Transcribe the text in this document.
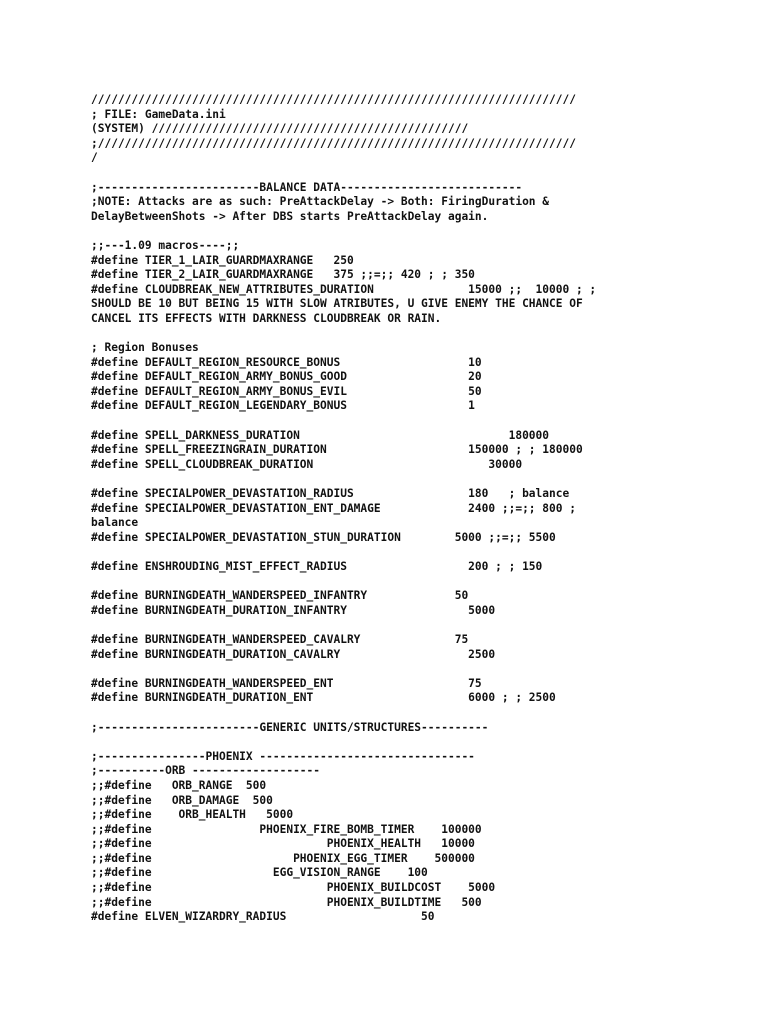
////////////////////////////////////////////////////////////////////////
; FILE: GameData.ini
(SYSTEM) ///////////////////////////////////////////////
;///////////////////////////////////////////////////////////////////////
/
;------------------------BALANCE DATA---------------------------
;NOTE: Attacks are as such: PreAttackDelay -> Both: FiringDuration &
DelayBetweenShots -> After DBS starts PreAttackDelay again.
;;---1.09 macros----;;
#define TIER_1_LAIR_GUARDMAXRANGE   250
#define TIER_2_LAIR_GUARDMAXRANGE   375 ;;=;; 420 ; ; 350
#define CLOUDBREAK_NEW_ATTRIBUTES_DURATION              15000 ;;  10000 ; ;
SHOULD BE 10 BUT BEING 15 WITH SLOW ATRIBUTES, U GIVE ENEMY THE CHANCE OF
CANCEL ITS EFFECTS WITH DARKNESS CLOUDBREAK OR RAIN.
; Region Bonuses
#define DEFAULT_REGION_RESOURCE_BONUS                   10
#define DEFAULT_REGION_ARMY_BONUS_GOOD                  20
#define DEFAULT_REGION_ARMY_BONUS_EVIL                  50
#define DEFAULT_REGION_LEGENDARY_BONUS                  1
#define SPELL_DARKNESS_DURATION                               180000
#define SPELL_FREEZINGRAIN_DURATION                     150000 ; ; 180000
#define SPELL_CLOUDBREAK_DURATION                          30000
#define SPECIALPOWER_DEVASTATION_RADIUS                 180   ; balance
#define SPECIALPOWER_DEVASTATION_ENT_DAMAGE             2400 ;;=;; 800 ;
balance
#define SPECIALPOWER_DEVASTATION_STUN_DURATION        5000 ;;=;; 5500
#define ENSHROUDING_MIST_EFFECT_RADIUS                  200 ; ; 150
#define BURNINGDEATH_WANDERSPEED_INFANTRY             50
#define BURNINGDEATH_DURATION_INFANTRY                  5000
#define BURNINGDEATH_WANDERSPEED_CAVALRY              75
#define BURNINGDEATH_DURATION_CAVALRY                   2500
#define BURNINGDEATH_WANDERSPEED_ENT                    75
#define BURNINGDEATH_DURATION_ENT                       6000 ; ; 2500
;------------------------GENERIC UNITS/STRUCTURES----------
;----------------PHOENIX --------------------------------
;----------ORB -------------------
;;#define   ORB_RANGE  500
;;#define   ORB_DAMAGE  500
;;#define    ORB_HEALTH   5000
;;#define                PHOENIX_FIRE_BOMB_TIMER    100000
;;#define                          PHOENIX_HEALTH   10000
;;#define                     PHOENIX_EGG_TIMER    500000
;;#define                  EGG_VISION_RANGE    100
;;#define                          PHOENIX_BUILDCOST    5000
;;#define                          PHOENIX_BUILDTIME   500
#define ELVEN_WIZARDRY_RADIUS                    50
